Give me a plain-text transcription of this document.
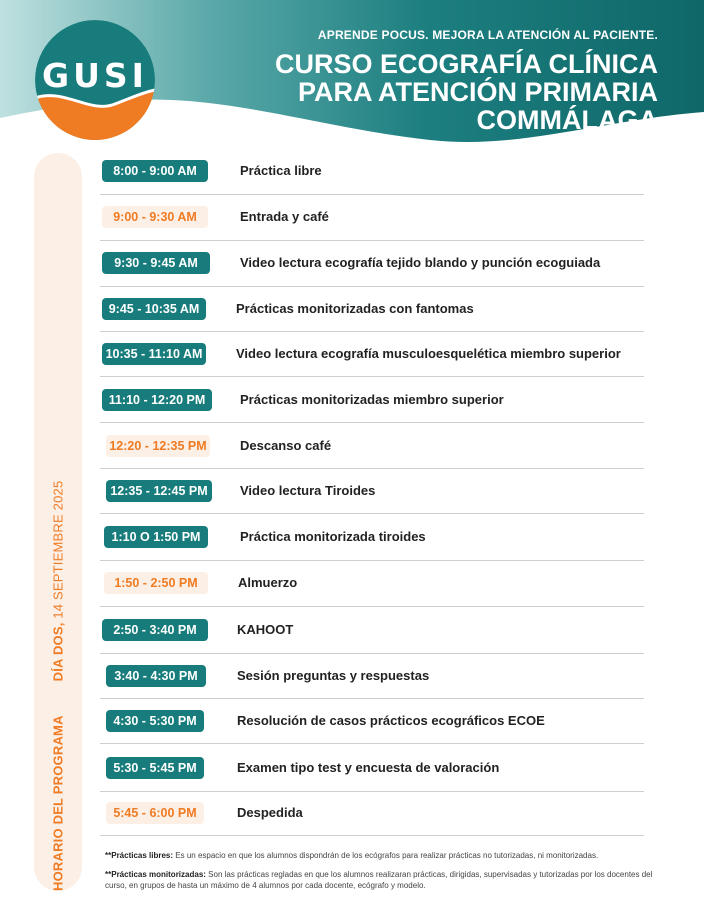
GUSI
APRENDE POCUS. MEJORA LA ATENCIÓN AL PACIENTE.
CURSO ECOGRAFÍA CLÍNICA
PARA ATENCIÓN PRIMARIA
COMMÁLAGA
HORARIO DEL PROGRAMADÍA DOS, 14 SEPTIEMBRE 2025
8:00 - 9:00 AM	Práctica libre
9:00 - 9:30 AM	Entrada y café
9:30 - 9:45 AM	Video lectura ecografía tejido blando y punción ecoguiada
9:45 - 10:35 AM	Prácticas monitorizadas con fantomas
10:35 - 11:10 AM	Video lectura ecografía musculoesquelética miembro superior
11:10 - 12:20 PM	Prácticas monitorizadas miembro superior
12:20 - 12:35 PM	Descanso café
12:35 - 12:45 PM	Video lectura Tiroides
1:10 O 1:50 PM	Práctica monitorizada tiroides
1:50 - 2:50 PM	Almuerzo
2:50 - 3:40 PM	KAHOOT
3:40 - 4:30 PM	Sesión preguntas y respuestas
4:30 - 5:30 PM	Resolución de casos prácticos ecográficos ECOE
5:30 - 5:45 PM	Examen tipo test y encuesta de valoración
5:45 - 6:00 PM	Despedida

**Prácticas libres: Es un espacio en que los alumnos dispondrán de los ecógrafos para realizar prácticas no tutorizadas, ni monitorizadas.

**Prácticas monitorizadas: Son las prácticas regladas en que los alumnos realizaran prácticas, dirigidas, supervisadas y tutorizadas por los docentes del curso, en grupos de hasta un máximo de 4 alumnos por cada docente, ecógrafo y modelo.
